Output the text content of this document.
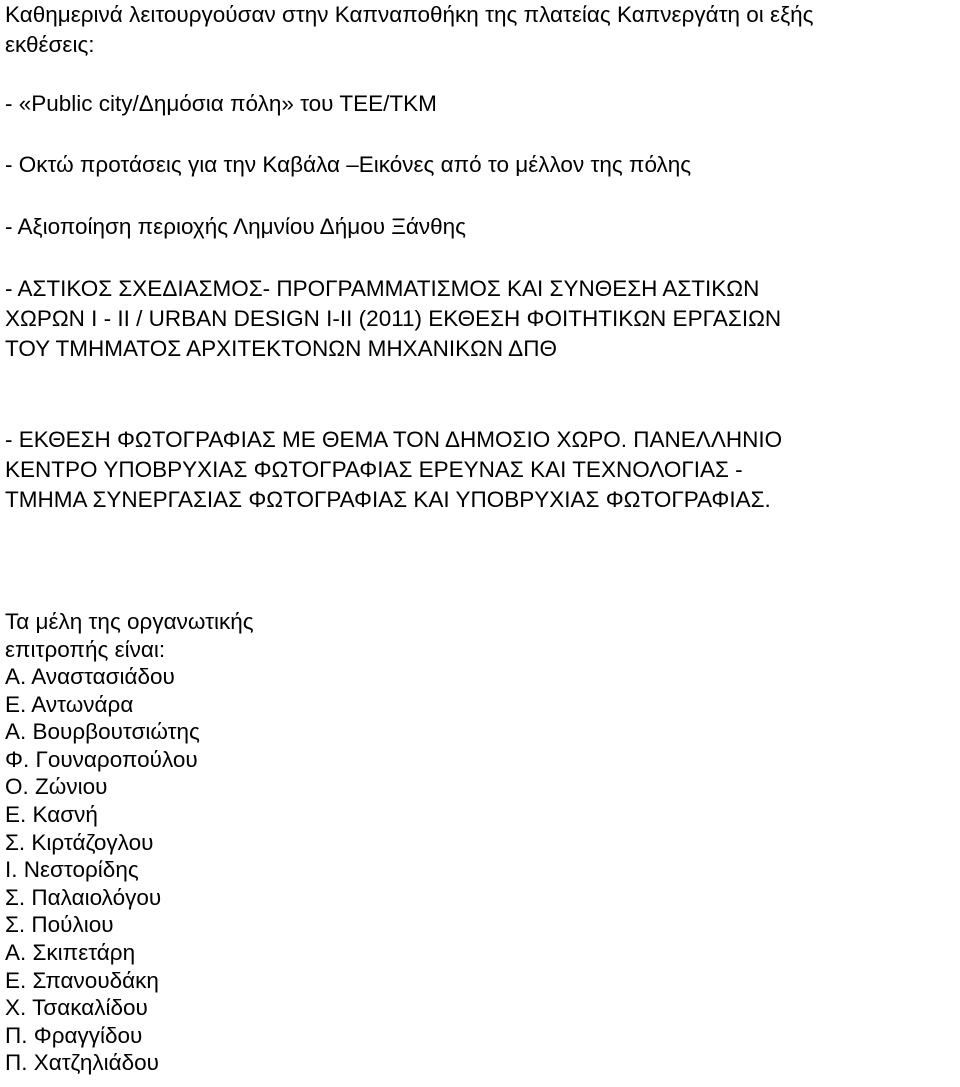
Καθημερινά λειτουργούσαν στην Καπναποθήκη της πλατείας Καπνεργάτη οι εξής
εκθέσεις:

- «Public city/Δημόσια πόλη» του ΤΕΕ/ΤΚΜ

- Οκτώ προτάσεις για την Καβάλα –Εικόνες από το μέλλον της πόλης

- Αξιοποίηση περιοχής Λημνίου Δήμου Ξάνθης

- ΑΣΤΙΚΟΣ ΣΧΕΔΙΑΣΜΟΣ- ΠΡΟΓΡΑΜΜΑΤΙΣΜΟΣ ΚΑΙ ΣΥΝΘΕΣΗ ΑΣΤΙΚΩΝ
ΧΩΡΩΝ Ι - ΙΙ / URBAN DESIGN I-II (2011) ΕΚΘΕΣΗ ΦΟΙΤΗΤΙΚΩΝ ΕΡΓΑΣΙΩΝ
ΤΟΥ ΤΜΗΜΑΤΟΣ ΑΡΧΙΤΕΚΤΟΝΩΝ ΜΗΧΑΝΙΚΩΝ ΔΠΘ

- ΕΚΘΕΣΗ ΦΩΤΟΓΡΑΦΙΑΣ ΜΕ ΘΕΜΑ ΤΟΝ ΔΗΜΟΣΙΟ ΧΩΡΟ. ΠΑΝΕΛΛΗΝΙΟ
ΚΕΝΤΡΟ ΥΠΟΒΡΥΧΙΑΣ ΦΩΤΟΓΡΑΦΙΑΣ ΕΡΕΥΝΑΣ ΚΑΙ ΤΕΧΝΟΛΟΓΙΑΣ -
ΤΜΗΜΑ ΣΥΝΕΡΓΑΣΙΑΣ ΦΩΤΟΓΡΑΦΙΑΣ ΚΑΙ ΥΠΟΒΡΥΧΙΑΣ ΦΩΤΟΓΡΑΦΙΑΣ.

Τα μέλη της οργανωτικής
επιτροπής είναι:

Α. Αναστασιάδου
Ε. Αντωνάρα
Α. Βουρβουτσιώτης
Φ. Γουναροπούλου
Ο. Ζώνιου
Ε. Κασνή
Σ. Κιρτάζογλου
Ι. Νεστορίδης
Σ. Παλαιολόγου
Σ. Πούλιου
Α. Σκιπετάρη
Ε. Σπανουδάκη
Χ. Τσακαλίδου
Π. Φραγγίδου
Π. Χατζηλιάδου
